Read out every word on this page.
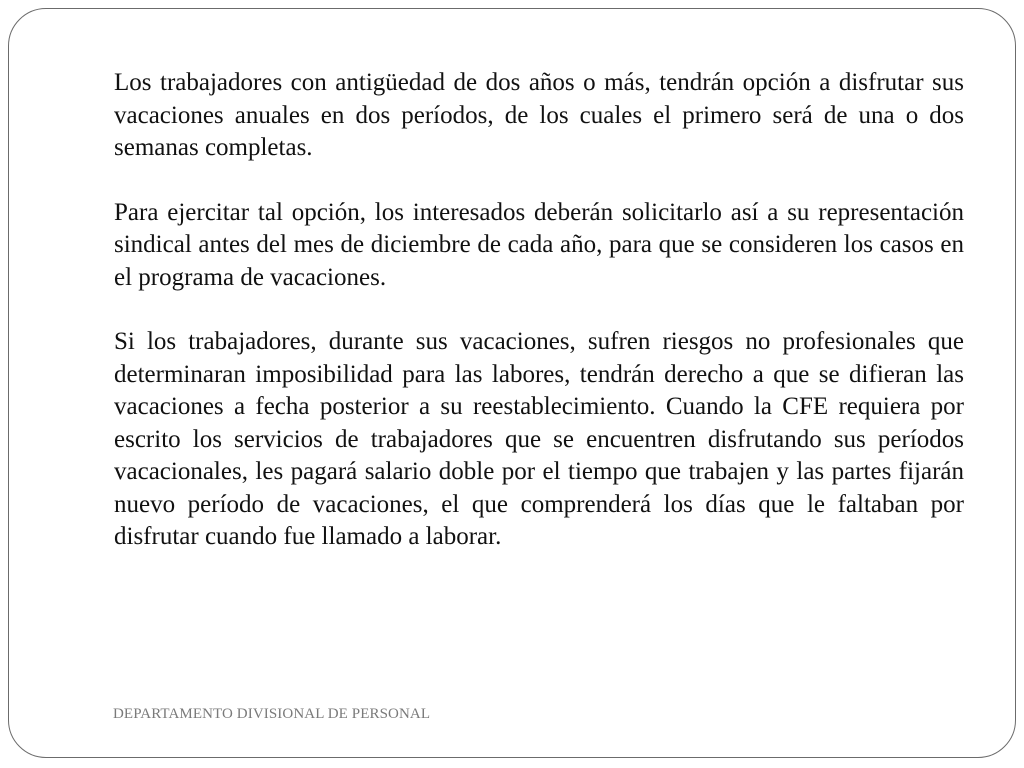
Los trabajadores con antigüedad de dos años o más, tendrán opción a disfrutar sus vacaciones anuales en dos períodos, de los cuales el primero será de una o dos semanas completas.

Para ejercitar tal opción, los interesados deberán solicitarlo así a su representación sindical antes del mes de diciembre de cada año, para que se consideren los casos en el programa de vacaciones.

Si los trabajadores, durante sus vacaciones, sufren riesgos no profesionales que determinaran imposibilidad para las labores, tendrán derecho a que se difieran las vacaciones a fecha posterior a su reestablecimiento. Cuando la CFE requiera por escrito los servicios de trabajadores que se encuentren disfrutando sus períodos vacacionales, les pagará salario doble por el tiempo que trabajen y las partes fijarán nuevo período de vacaciones, el que comprenderá los días que le faltaban por disfrutar cuando fue llamado a laborar.

DEPARTAMENTO DIVISIONAL DE PERSONAL
